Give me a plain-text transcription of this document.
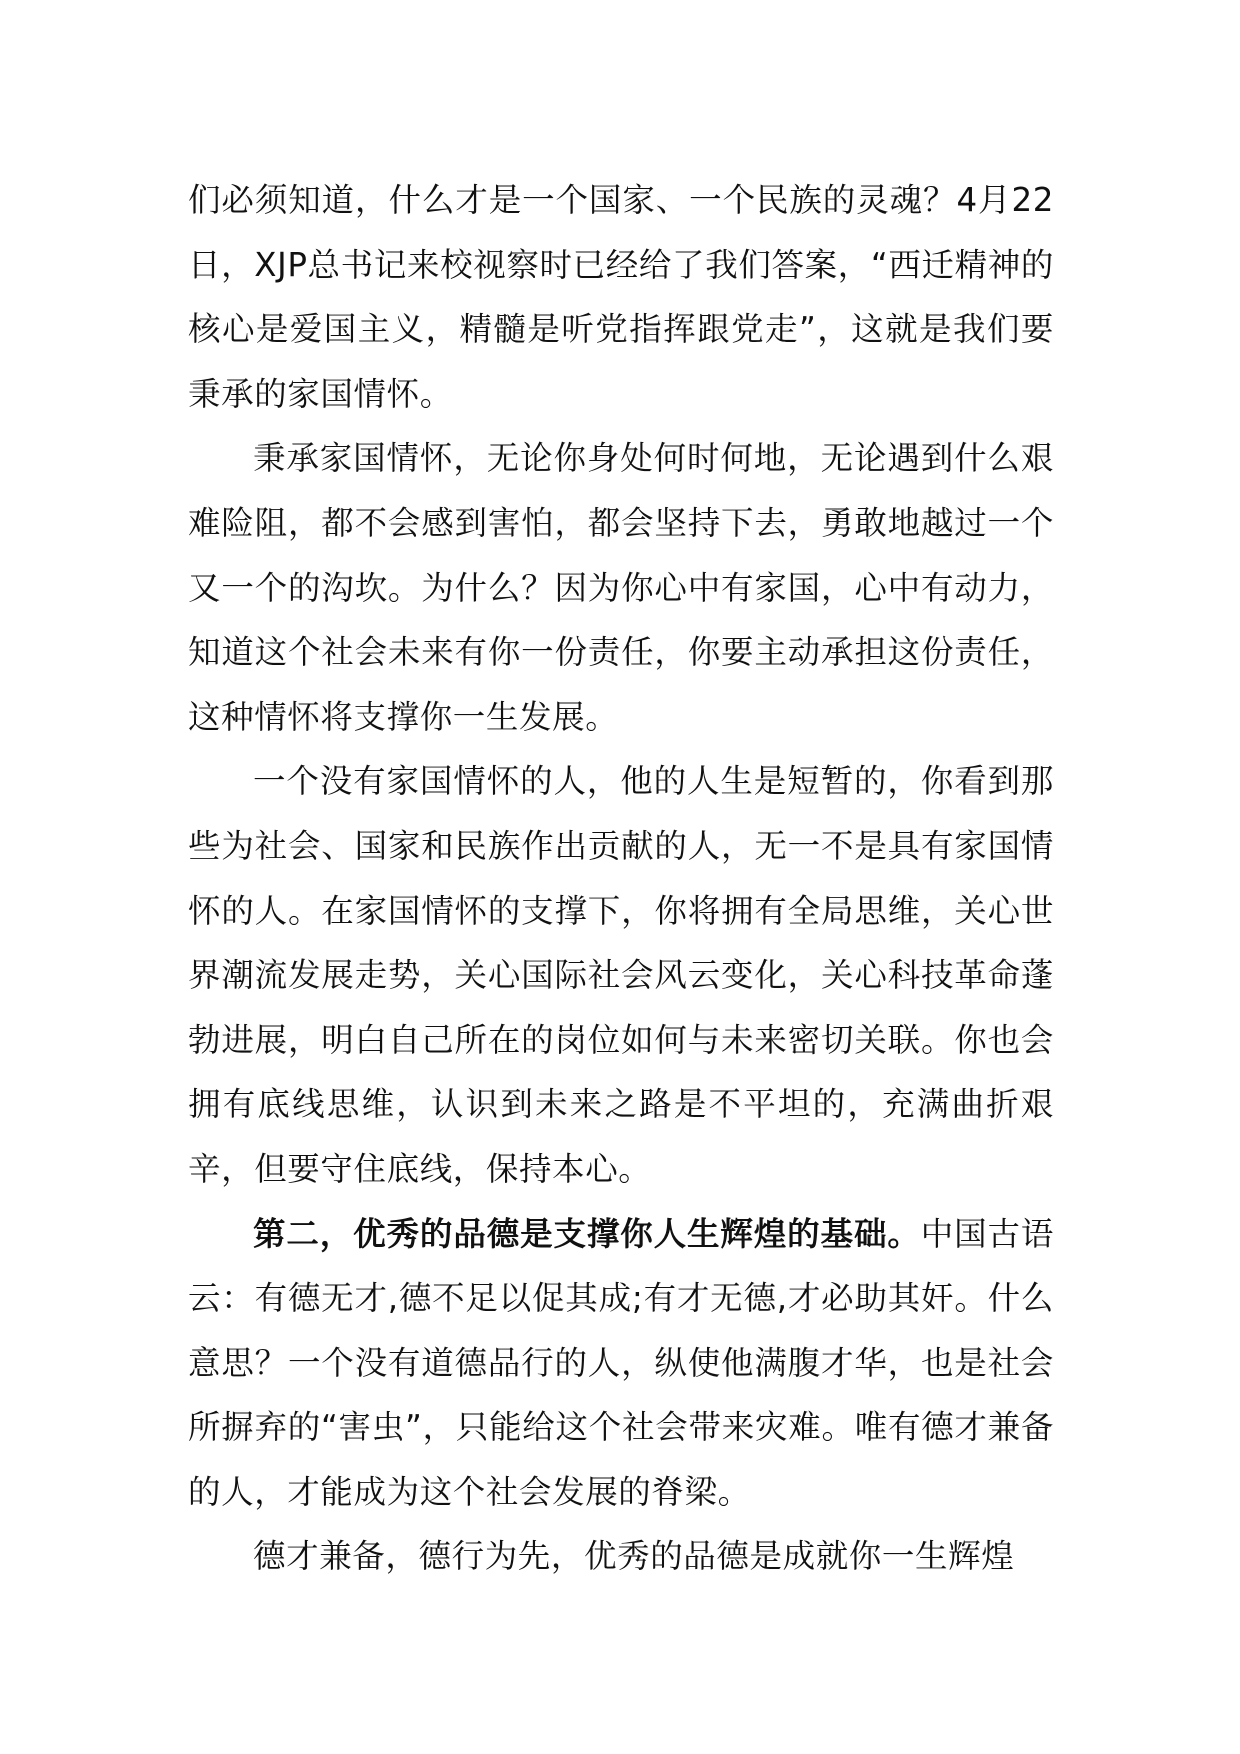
们必须知道，什么才是一个国家、一个民族的灵魂？4月22日，XJP总书记来校视察时已经给了我们答案，“西迁精神的核心是爱国主义，精髓是听党指挥跟党走”，这就是我们要秉承的家国情怀。

秉承家国情怀，无论你身处何时何地，无论遇到什么艰难险阻，都不会感到害怕，都会坚持下去，勇敢地越过一个又一个的沟坎。为什么？因为你心中有家国，心中有动力，知道这个社会未来有你一份责任，你要主动承担这份责任，这种情怀将支撑你一生发展。

一个没有家国情怀的人，他的人生是短暂的，你看到那些为社会、国家和民族作出贡献的人，无一不是具有家国情怀的人。在家国情怀的支撑下，你将拥有全局思维，关心世界潮流发展走势，关心国际社会风云变化，关心科技革命蓬勃进展，明白自己所在的岗位如何与未来密切关联。你也会拥有底线思维，认识到未来之路是不平坦的，充满曲折艰辛，但要守住底线，保持本心。

第二，优秀的品德是支撑你人生辉煌的基础。中国古语云：有德无才,德不足以促其成;有才无德,才必助其奸。什么意思？一个没有道德品行的人，纵使他满腹才华，也是社会所摒弃的“害虫”，只能给这个社会带来灾难。唯有德才兼备的人，才能成为这个社会发展的脊梁。

德才兼备，德行为先，优秀的品德是成就你一生辉煌
